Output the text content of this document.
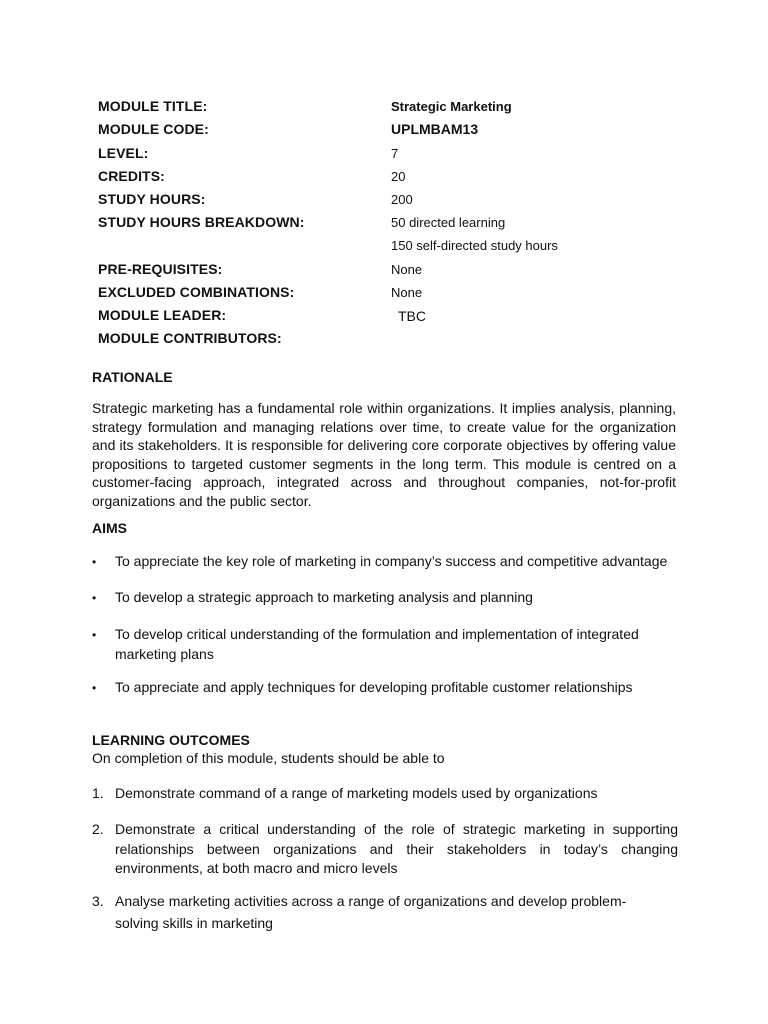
MODULE TITLE:	Strategic Marketing
MODULE CODE:	UPLMBAM13
LEVEL:	7
CREDITS:	20
STUDY HOURS:	200
STUDY HOURS BREAKDOWN:	50 directed learning
150 self-directed study hours
PRE-REQUISITES:	None
EXCLUDED COMBINATIONS:	None
MODULE LEADER:	TBC
MODULE CONTRIBUTORS:
RATIONALE

Strategic marketing has a fundamental role within organizations. It implies analysis, planning, strategy formulation and managing relations over time, to create value for the organization and its stakeholders. It is responsible for delivering core corporate objectives by offering value propositions to targeted customer segments in the long term. This module is centred on a customer-facing approach, integrated across and throughout companies, not-for-profit organizations and the public sector.

AIMS
•	To appreciate the key role of marketing in company’s success and competitive advantage
•	To develop a strategic approach to marketing analysis and planning
•	To develop critical understanding of the formulation and implementation of integrated marketing plans
•	To appreciate and apply techniques for developing profitable customer relationships
LEARNING OUTCOMES
On completion of this module, students should be able to
1. Demonstrate command of a range of marketing models used by organizations
2. Demonstrate a critical understanding of the role of strategic marketing in supporting relationships between organizations and their stakeholders in today’s changing environments, at both macro and micro levels
3. Analyse marketing activities across a range of organizations and develop problem-solving skills in marketing
